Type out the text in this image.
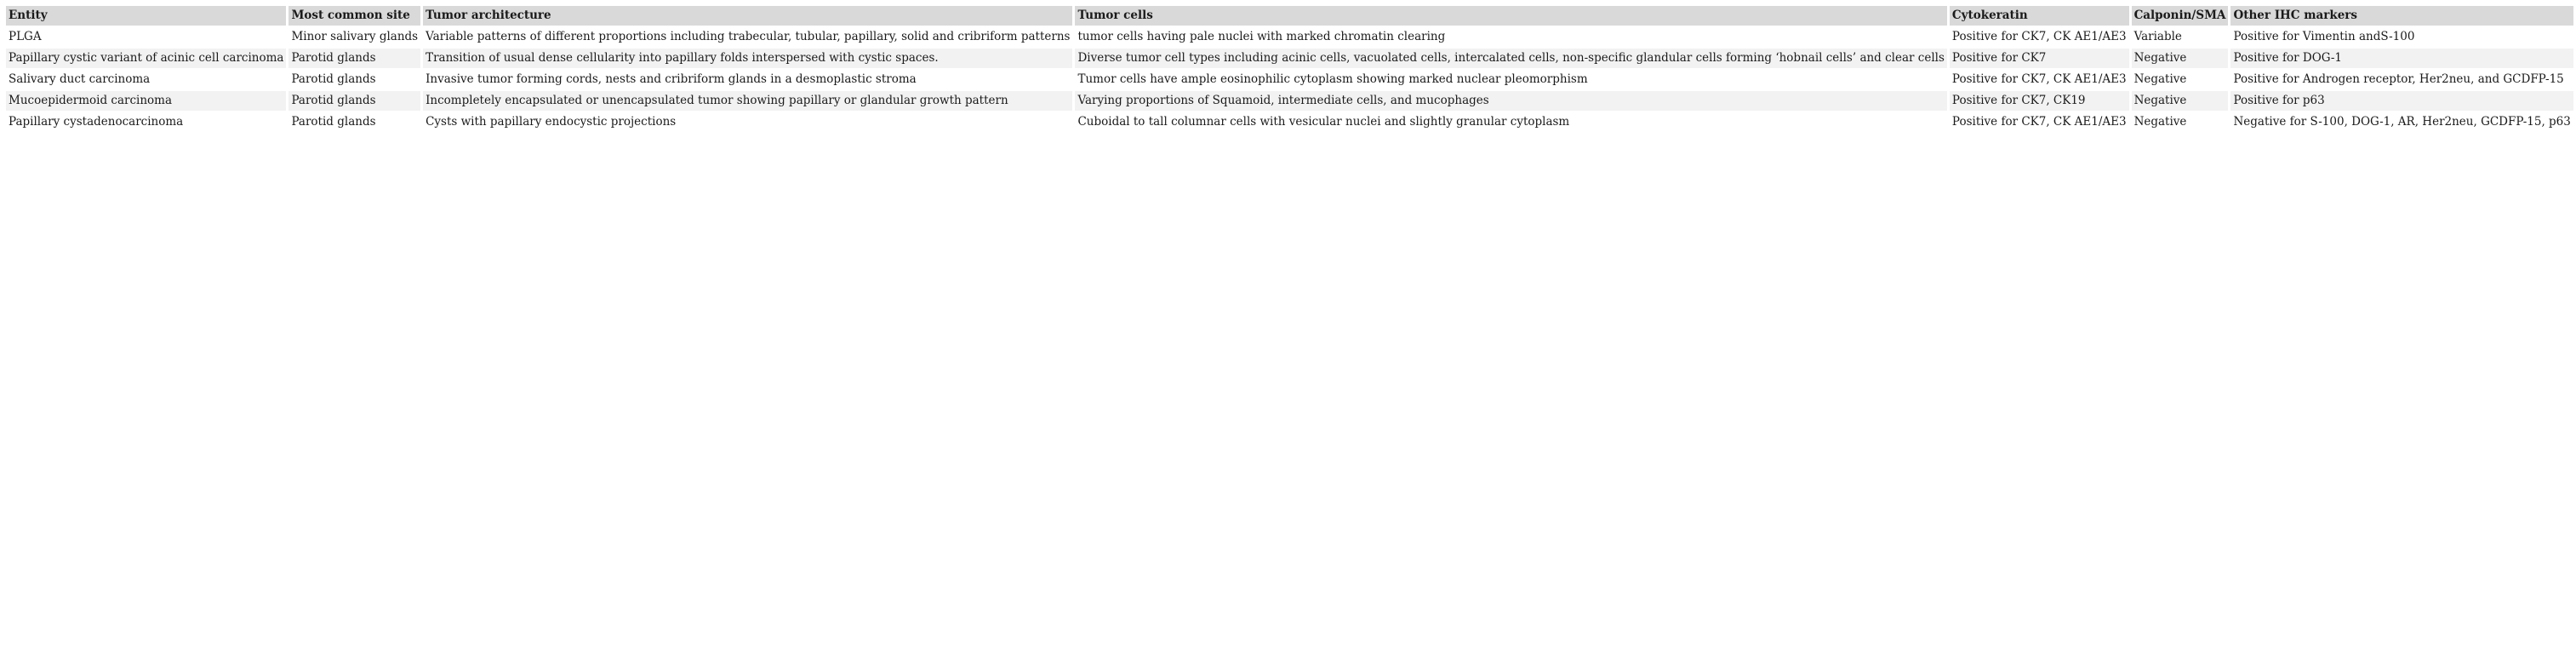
Entity	Most common site	Tumor architecture	Tumor cells	Cytokeratin	Calponin/SMA	Other IHC markers
PLGA	Minor salivary glands	Variable patterns of different proportions including trabecular, tubular, papillary, solid and cribriform patterns	tumor cells having pale nuclei with marked chromatin clearing	Positive for CK7, CK AE1/AE3	Variable	Positive for Vimentin andS-100
Papillary cystic variant of acinic cell carcinoma	Parotid glands	Transition of usual dense cellularity into papillary folds interspersed with cystic spaces.	Diverse tumor cell types including acinic cells, vacuolated cells, intercalated cells, non-specific glandular cells forming ‘hobnail cells’ and clear cells	Positive for CK7	Negative	Positive for DOG-1
Salivary duct carcinoma	Parotid glands	Invasive tumor forming cords, nests and cribriform glands in a desmoplastic stroma	Tumor cells have ample eosinophilic cytoplasm showing marked nuclear pleomorphism	Positive for CK7, CK AE1/AE3	Negative	Positive for Androgen receptor, Her2neu, and GCDFP-15
Mucoepidermoid carcinoma	Parotid glands	Incompletely encapsulated or unencapsulated tumor showing papillary or glandular growth pattern	Varying proportions of Squamoid, intermediate cells, and mucophages	Positive for CK7, CK19	Negative	Positive for p63
Papillary cystadenocarcinoma	Parotid glands	Cysts with papillary endocystic projections	Cuboidal to tall columnar cells with vesicular nuclei and slightly granular cytoplasm	Positive for CK7, CK AE1/AE3	Negative	Negative for S-100, DOG-1, AR, Her2neu, GCDFP-15, p63
